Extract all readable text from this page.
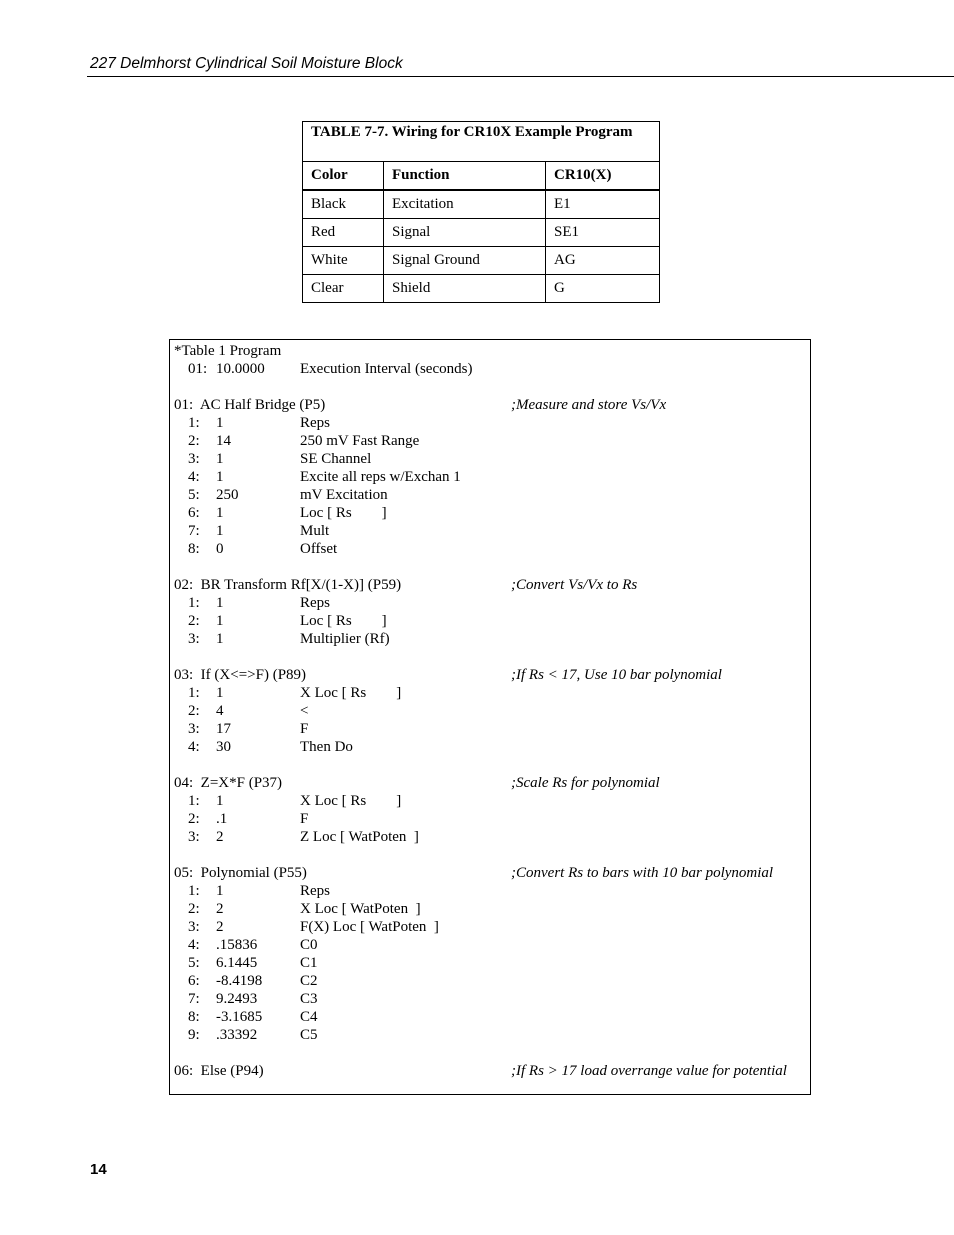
227 Delmhorst Cylindrical Soil Moisture Block
TABLE 7-7. Wiring for CR10X Example Program		
Color	Function	CR10(X)
Black	Excitation	E1
Red	Signal	SE1
White	Signal Ground	AG
Clear	Shield	G
*Table 1 Program
01: 10.0000 Execution Interval (seconds)
01:  AC Half Bridge (P5)	;Measure and store Vs/Vx
1: 1	Reps
2: 14	250 mV Fast Range
3: 1	SE Channel
4: 1	Excite all reps w/Exchan 1
5: 250	mV Excitation
6: 1	Loc [ Rs        ]
7: 1	Mult
8: 0	Offset
02:  BR Transform Rf[X/(1-X)] (P59)	;Convert Vs/Vx to Rs
1: 1	Reps
2: 1	Loc [ Rs        ]
3: 1	Multiplier (Rf)
03:  If (X<=>F) (P89)	;If Rs < 17, Use 10 bar polynomial
1: 1	X Loc [ Rs        ]
2: 4	<
3: 17	F
4: 30	Then Do
04:  Z=X*F (P37)	;Scale Rs for polynomial
1: 1	X Loc [ Rs        ]
2: .1	F
3: 2	Z Loc [ WatPoten  ]
05:  Polynomial (P55)	;Convert Rs to bars with 10 bar polynomial
1: 1	Reps
2: 2	X Loc [ WatPoten  ]
3: 2	F(X) Loc [ WatPoten  ]
4: .15836	C0
5: 6.1445	C1
6: -8.4198	C2
7: 9.2493	C3
8: -3.1685	C4
9: .33392	C5
06:  Else (P94)	;If Rs > 17 load overrange value for potential
14
